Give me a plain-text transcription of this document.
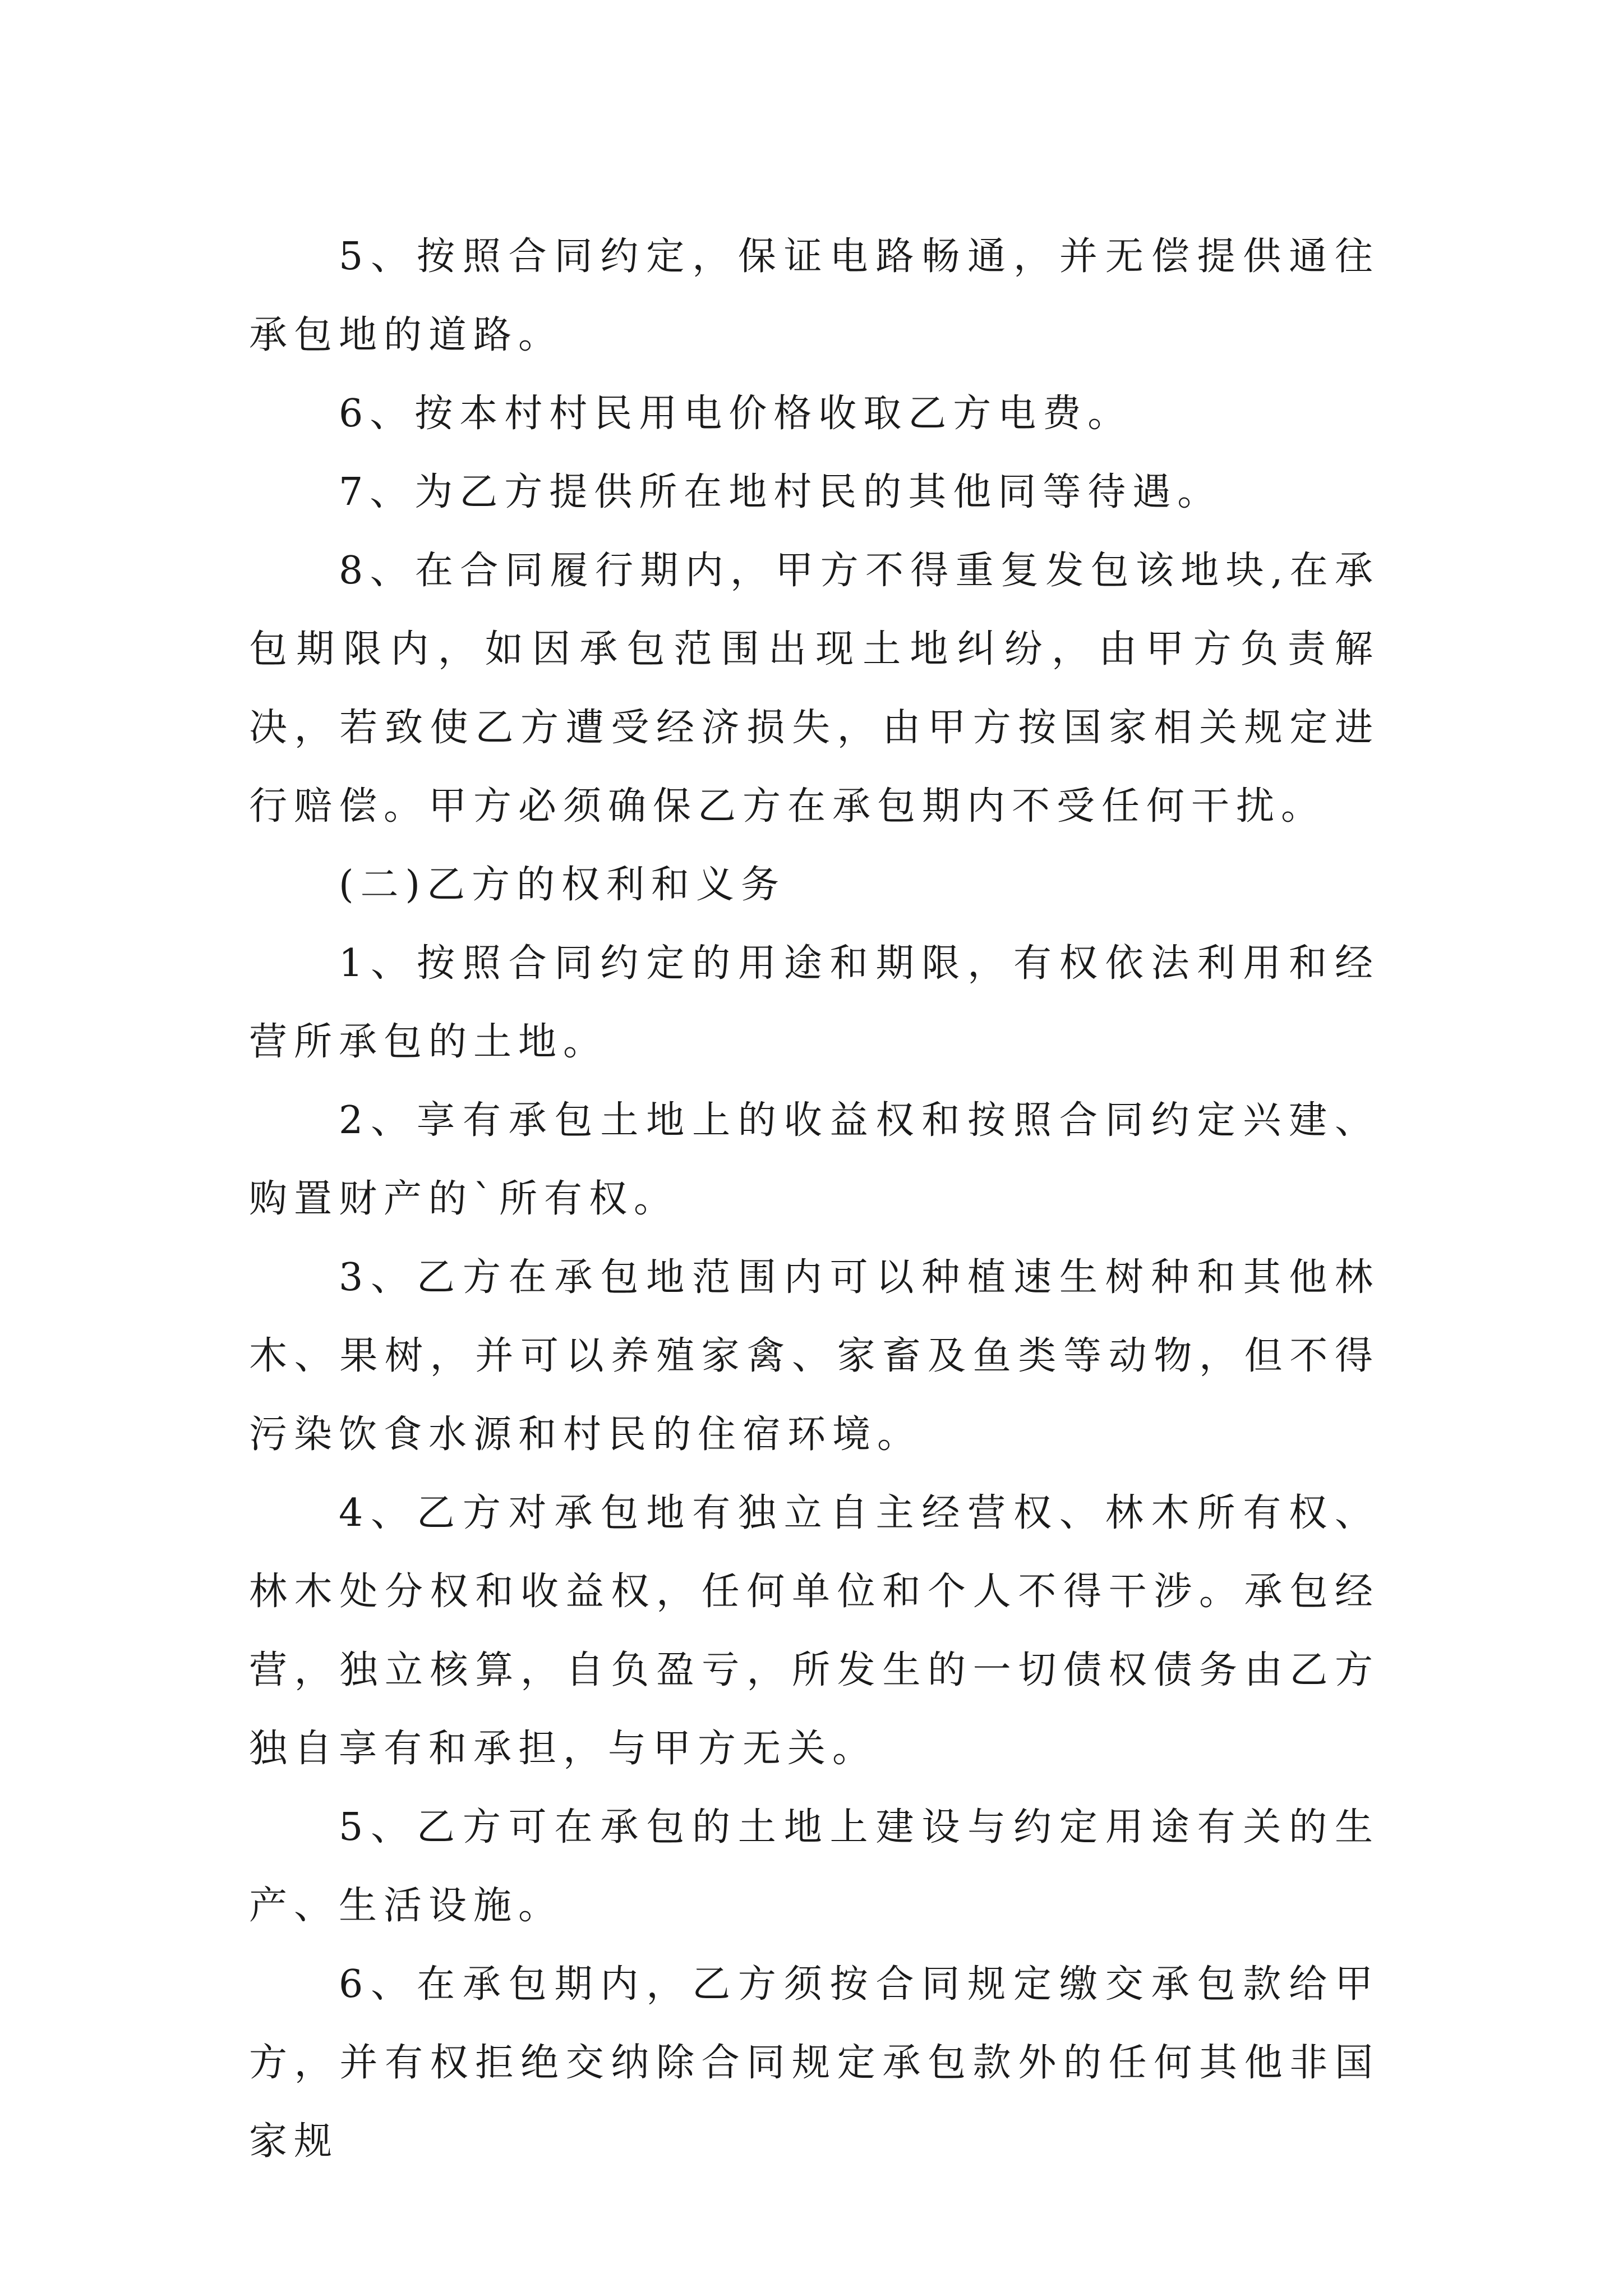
5、按照合同约定，保证电路畅通，并无偿提供通往承包地的道路。

6、按本村村民用电价格收取乙方电费。

7、为乙方提供所在地村民的其他同等待遇。

8、在合同履行期内，甲方不得重复发包该地块,在承包期限内，如因承包范围出现土地纠纷，由甲方负责解决，若致使乙方遭受经济损失，由甲方按国家相关规定进行赔偿。甲方必须确保乙方在承包期内不受任何干扰。

(二)乙方的权利和义务

1、按照合同约定的用途和期限，有权依法利用和经营所承包的土地。

2、享有承包土地上的收益权和按照合同约定兴建、购置财产的`所有权。

3、乙方在承包地范围内可以种植速生树种和其他林木、果树，并可以养殖家禽、家畜及鱼类等动物，但不得污染饮食水源和村民的住宿环境。

4、乙方对承包地有独立自主经营权、林木所有权、林木处分权和收益权，任何单位和个人不得干涉。承包经营，独立核算，自负盈亏，所发生的一切债权债务由乙方独自享有和承担，与甲方无关。

5、乙方可在承包的土地上建设与约定用途有关的生产、生活设施。

6、在承包期内，乙方须按合同规定缴交承包款给甲方，并有权拒绝交纳除合同规定承包款外的任何其他非国家规
